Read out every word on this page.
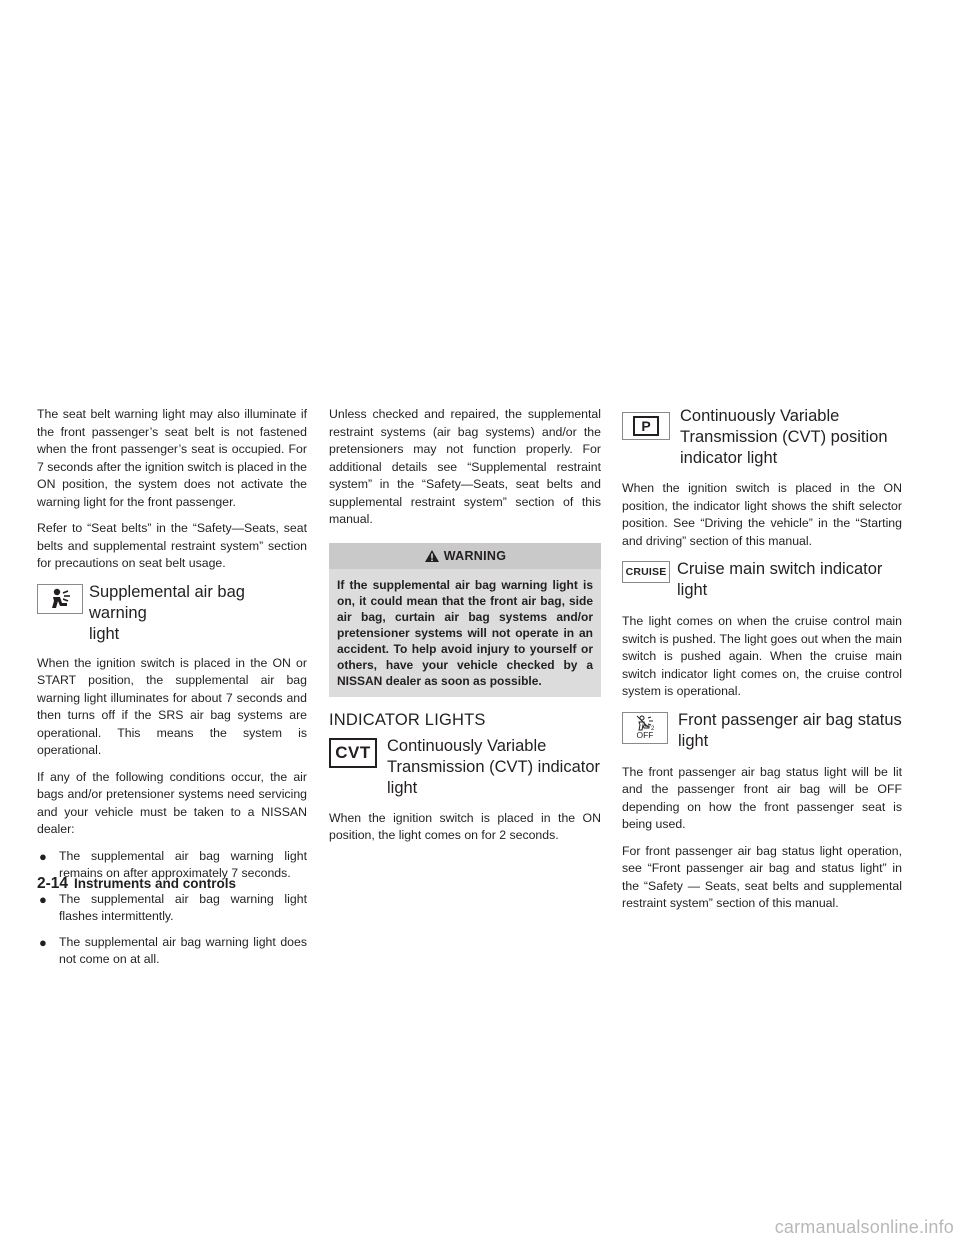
The seat belt warning light may also illuminate if the front passenger’s seat belt is not fastened when the front passenger’s seat is occupied. For 7 seconds after the ignition switch is placed in the ON position, the system does not activate the warning light for the front passenger.

Refer to “Seat belts” in the “Safety—Seats, seat belts and supplemental restraint system” section for precautions on seat belt usage.

Supplemental air bag warning
light

When the ignition switch is placed in the ON or START position, the supplemental air bag warning light illuminates for about 7 seconds and then turns off if the SRS air bag systems are operational. This means the system is operational.

If any of the following conditions occur, the air bags and/or pretensioner systems need servicing and your vehicle must be taken to a NISSAN dealer:

● The supplemental air bag warning light remains on after approximately 7 seconds.
● The supplemental air bag warning light flashes intermittently.
● The supplemental air bag warning light does not come on at all.

Unless checked and repaired, the supplemental restraint systems (air bag systems) and/or the pretensioners may not function properly. For additional details see “Supplemental restraint system” in the “Safety—Seats, seat belts and supplemental restraint system” section of this manual.

WARNING
If the supplemental air bag warning light is on, it could mean that the front air bag, side air bag, curtain air bag systems and/or pretensioner systems will not operate in an accident. To help avoid injury to yourself or others, have your vehicle checked by a NISSAN dealer as soon as possible.
INDICATOR LIGHTS
CVT Continuously Variable
Transmission (CVT) indicator
light

When the ignition switch is placed in the ON position, the light comes on for 2 seconds.

P
Continuously Variable
Transmission (CVT) position
indicator light

When the ignition switch is placed in the ON position, the indicator light shows the shift selector position. See “Driving the vehicle” in the “Starting and driving” section of this manual.

CRUISE Cruise main switch indicator
light

The light comes on when the cruise control main switch is pushed. The light goes out when the main switch is pushed again. When the cruise main switch indicator light comes on, the cruise control system is operational.

2
OFF
Front passenger air bag status
light

The front passenger air bag status light will be lit and the passenger front air bag will be OFF depending on how the front passenger seat is being used.

For front passenger air bag status light operation, see “Front passenger air bag and status light” in the “Safety — Seats, seat belts and supplemental restraint system” section of this manual.

2-14 Instruments and controls
carmanualsonline.info
